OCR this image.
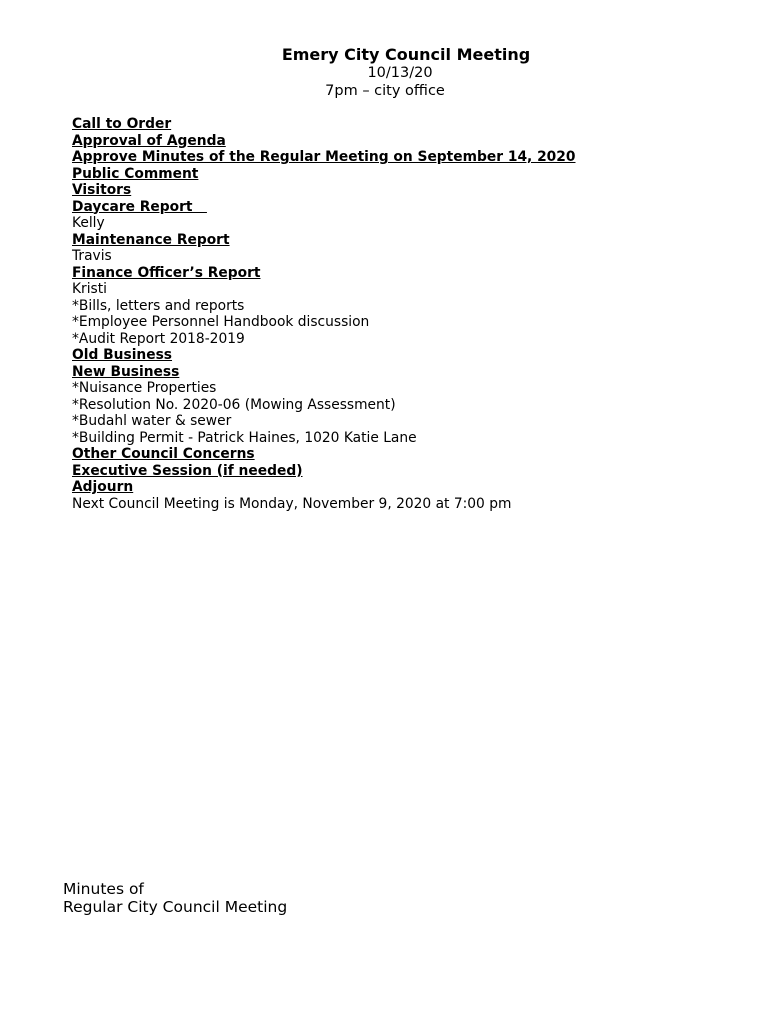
Emery City Council Meeting
10/13/20
7pm – city office
Call to Order
Approval of Agenda
Approve Minutes of the Regular Meeting on September 14, 2020
Public Comment
Visitors
Daycare Report
Kelly
Maintenance Report
Travis
Finance Officer’s Report
Kristi
*Bills, letters and reports
*Employee Personnel Handbook discussion
*Audit Report 2018-2019
Old Business
New Business
*Nuisance Properties
*Resolution No. 2020-06 (Mowing Assessment)
*Budahl water & sewer
*Building Permit - Patrick Haines, 1020 Katie Lane
Other Council Concerns
Executive Session (if needed)
Adjourn
Next Council Meeting is Monday, November 9, 2020 at 7:00 pm
Minutes of
Regular City Council Meeting
